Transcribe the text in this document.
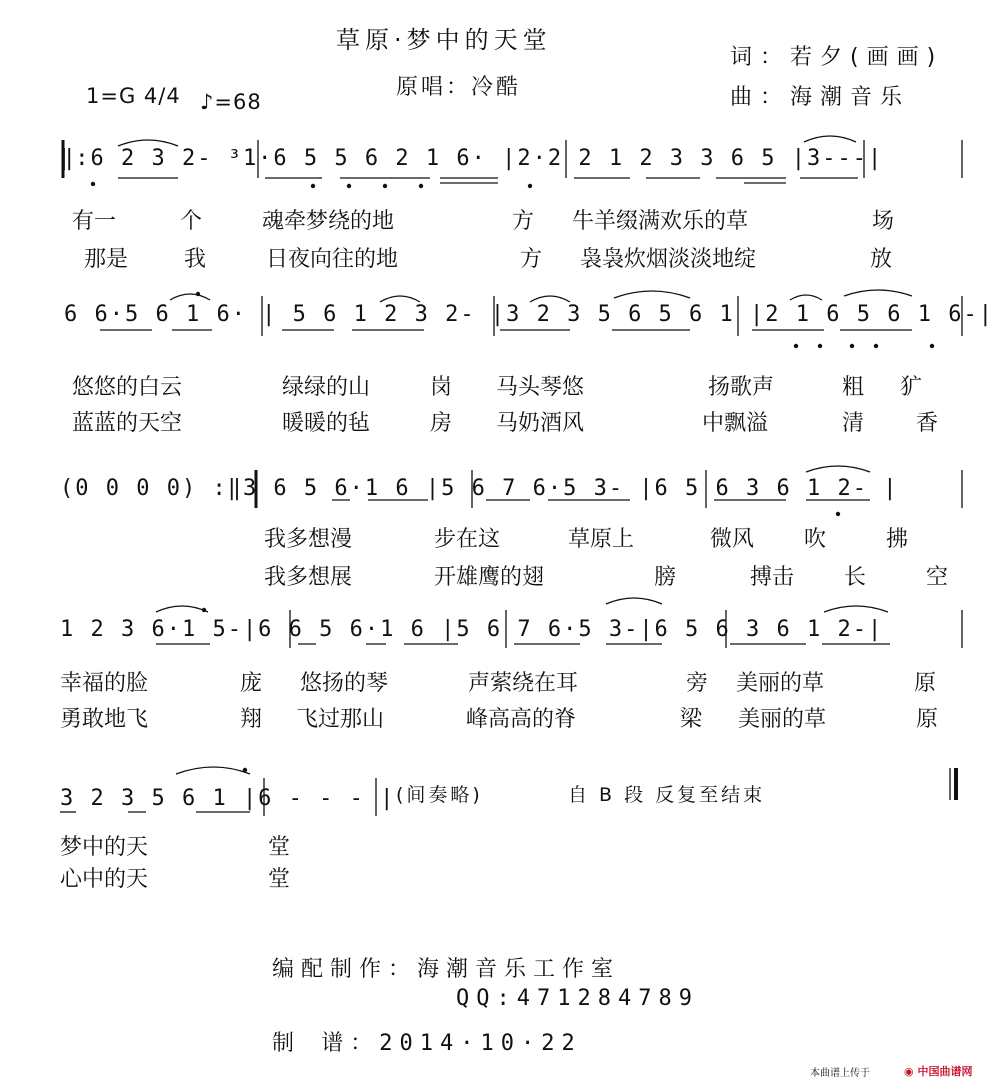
草原·梦中的天堂
原唱：冷酷
词：若夕(画画)
曲：海潮音乐
1=G 4/4 ♪=68
‖:6 2 3 2- ³1·6 5 5 6 2 1 6· |2·2 2 1 2 3 3 6 5 |3---|
有一	个	魂牵梦绕的地	方 牛羊缀满欢乐的草	场
那是	我	日夜向往的地	方 袅袅炊烟淡淡地绽	放
6 6·5 6 1 6· | 5 6 1 2 3 2- |3 2 3 5 6 5 6 1 |2 1 6 5 6 1 6-|
悠悠的白云	绿绿的山	岗 马头琴悠	扬歌声	粗 犷
蓝蓝的天空	暖暖的毡	房 马奶酒风	中飘溢	清 香
(0 0 0 0) :‖3 6 5 6·1 6 |5 6 7 6·5 3- |6 5 6 3 6 1 2- |
我多想漫	步在这	草原上	微风 吹	拂
我多想展	开雄鹰的翅	膀	搏击 长	空
1 2 3 6·1 5-|6 6 5 6·1 6 |5 6 7 6·5 3-|6 5 6 3 6 1 2-|
幸福的脸	庞 悠扬的琴	声萦绕在耳	旁 美丽的草	原
勇敢地飞	翔 飞过那山	峰高高的脊	梁 美丽的草	原
3 2 3 5 6 1 |6 - - - | (间奏略)	自 B 段 反复至结束
梦中的天	堂
心中的天	堂
编配制作：海潮音乐工作室
QQ:471284789
制 谱：2014·10·22
本曲谱上传于	◉ 中国曲谱网
